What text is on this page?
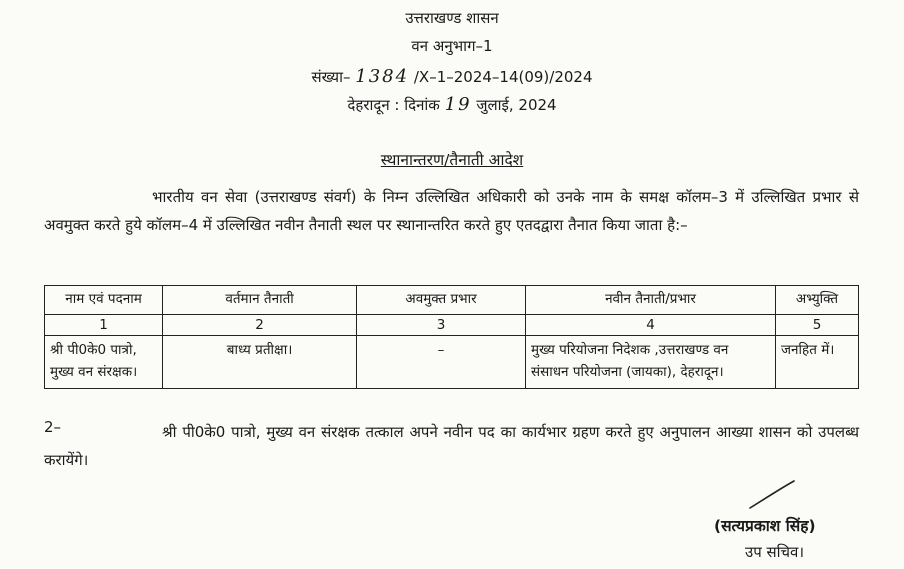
उत्तराखण्ड शासन
वन अनुभाग–1
संख्या– 1384 /X–1–2024–14(09)/2024
देहरादून : दिनांक 19 जुलाई, 2024
स्थानान्तरण/तैनाती आदेश
भारतीय वन सेवा (उत्तराखण्ड संवर्ग) के निम्न उल्लिखित अधिकारी को उनके नाम के समक्ष कॉलम–3 में उल्लिखित प्रभार से अवमुक्त करते हुये कॉलम–4 में उल्लिखित नवीन तैनाती स्थल पर स्थानान्तरित करते हुए एतदद्वारा तैनात किया जाता है:–
नाम एवं पदनाम	वर्तमान तैनाती	अवमुक्त प्रभार	नवीन तैनाती/प्रभार	अभ्युक्ति
1	2	3	4	5
श्री पी0के0 पात्रो, मुख्य वन संरक्षक।	बाध्य प्रतीक्षा।	–	मुख्य परियोजना निदेशक ,उत्तराखण्ड वन संसाधन परियोजना (जायका), देहरादून।	जनहित में।
2–	श्री पी0के0 पात्रो, मुख्य वन संरक्षक तत्काल अपने नवीन पद का कार्यभार ग्रहण करते हुए अनुपालन आख्या शासन को उपलब्ध करायेंगे।
(सत्यप्रकाश सिंह)
उप सचिव।
